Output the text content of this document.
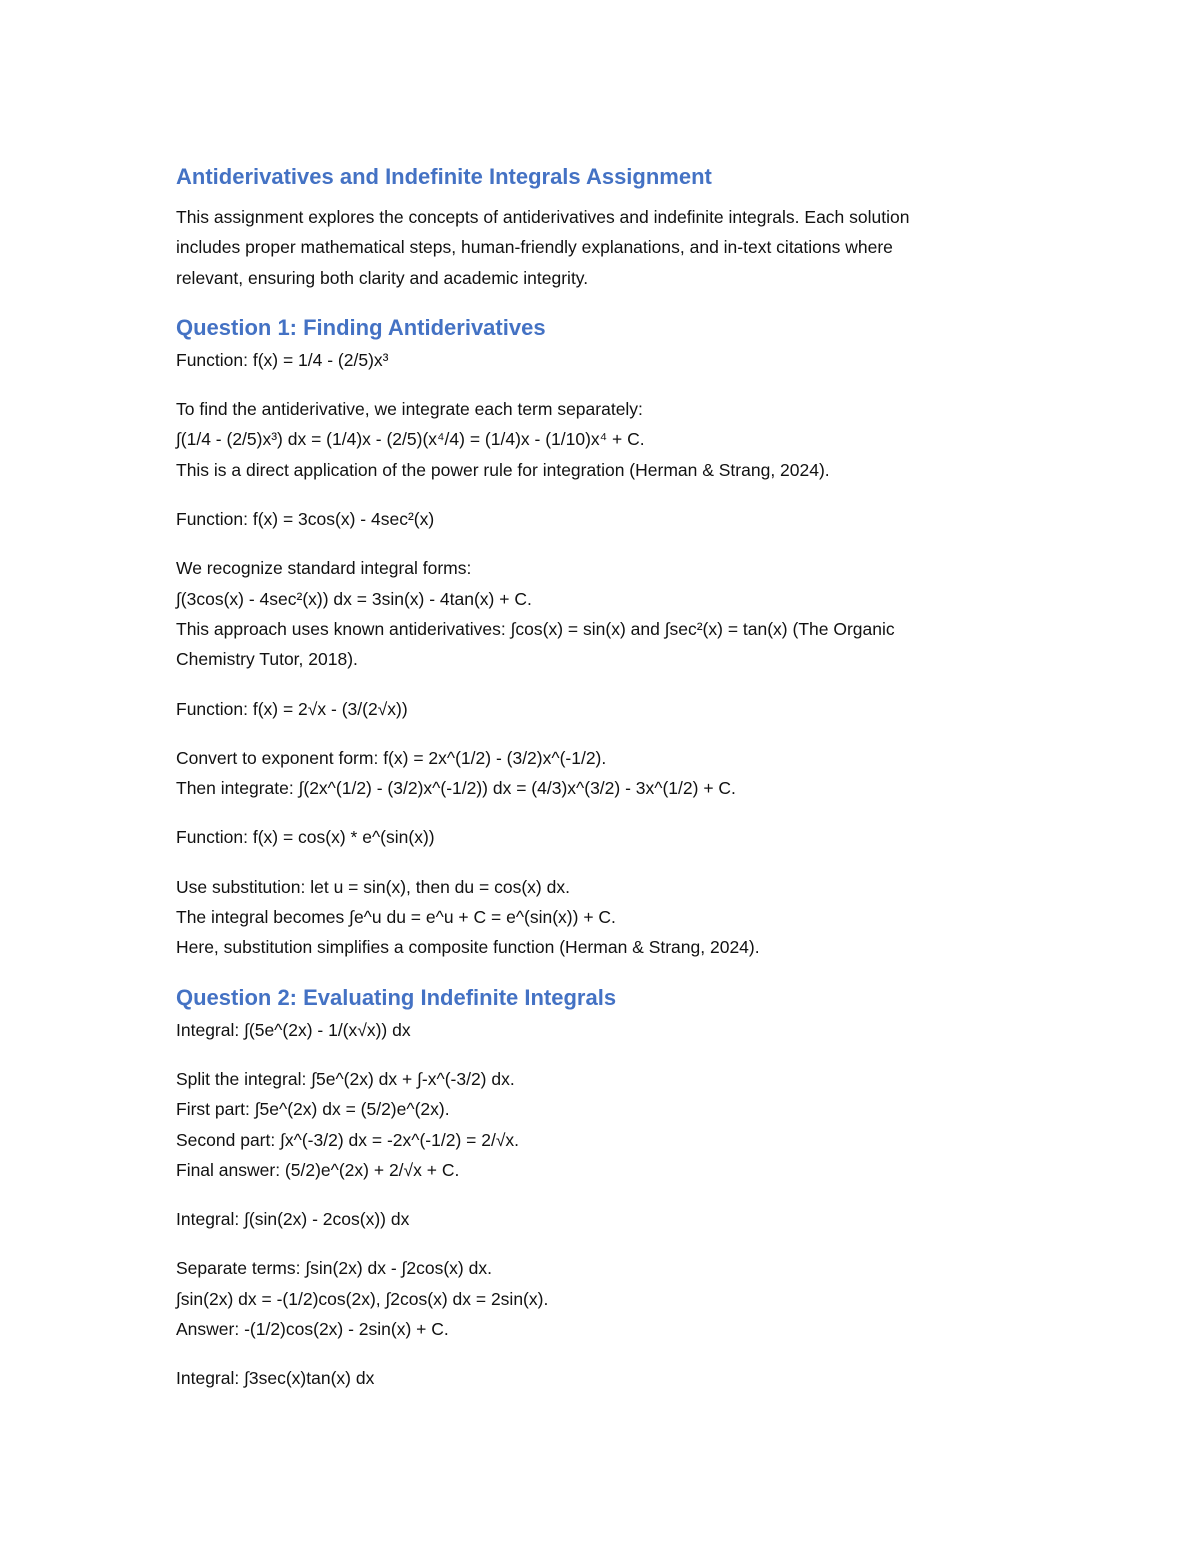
Antiderivatives and Indefinite Integrals Assignment

This assignment explores the concepts of antiderivatives and indefinite integrals. Each solution
includes proper mathematical steps, human-friendly explanations, and in-text citations where
relevant, ensuring both clarity and academic integrity.

Question 1: Finding Antiderivatives

Function: f(x) = 1/4 - (2/5)x³

To find the antiderivative, we integrate each term separately:
∫(1/4 - (2/5)x³) dx = (1/4)x - (2/5)(x⁴/4) = (1/4)x - (1/10)x⁴ + C.
This is a direct application of the power rule for integration (Herman & Strang, 2024).

Function: f(x) = 3cos(x) - 4sec²(x)

We recognize standard integral forms:
∫(3cos(x) - 4sec²(x)) dx = 3sin(x) - 4tan(x) + C.
This approach uses known antiderivatives: ∫cos(x) = sin(x) and ∫sec²(x) = tan(x) (The Organic
Chemistry Tutor, 2018).

Function: f(x) = 2√x - (3/(2√x))

Convert to exponent form: f(x) = 2x^(1/2) - (3/2)x^(-1/2).
Then integrate: ∫(2x^(1/2) - (3/2)x^(-1/2)) dx = (4/3)x^(3/2) - 3x^(1/2) + C.

Function: f(x) = cos(x) * e^(sin(x))

Use substitution: let u = sin(x), then du = cos(x) dx.
The integral becomes ∫e^u du = e^u + C = e^(sin(x)) + C.
Here, substitution simplifies a composite function (Herman & Strang, 2024).

Question 2: Evaluating Indefinite Integrals

Integral: ∫(5e^(2x) - 1/(x√x)) dx

Split the integral: ∫5e^(2x) dx + ∫-x^(-3/2) dx.
First part: ∫5e^(2x) dx = (5/2)e^(2x).
Second part: ∫x^(-3/2) dx = -2x^(-1/2) = 2/√x.
Final answer: (5/2)e^(2x) + 2/√x + C.

Integral: ∫(sin(2x) - 2cos(x)) dx

Separate terms: ∫sin(2x) dx - ∫2cos(x) dx.
∫sin(2x) dx = -(1/2)cos(2x), ∫2cos(x) dx = 2sin(x).
Answer: -(1/2)cos(2x) - 2sin(x) + C.

Integral: ∫3sec(x)tan(x) dx
